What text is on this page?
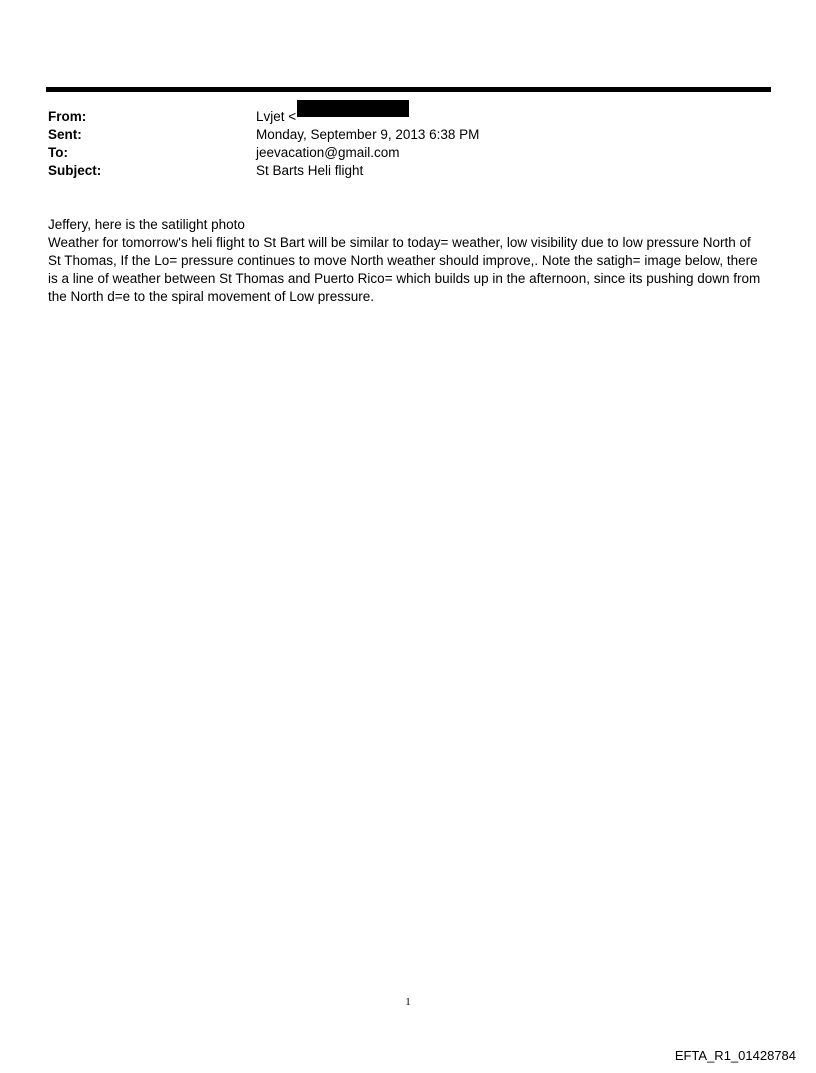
From:	Lvjet <
Sent:	Monday, September 9, 2013 6:38 PM
To:	jeevacation@gmail.com
Subject:	St Barts Heli flight

Jeffery, here is the satilight photo

Weather for tomorrow's heli flight to St Bart will be similar to today= weather, low visibility due to low pressure North of

St Thomas, If the Lo= pressure continues to move North weather should improve,. Note the satigh= image below, there

is a line of weather between St Thomas and Puerto Rico= which builds up in the afternoon, since its pushing down from

the North d=e to the spiral movement of Low pressure.

1
EFTA_R1_01428784
